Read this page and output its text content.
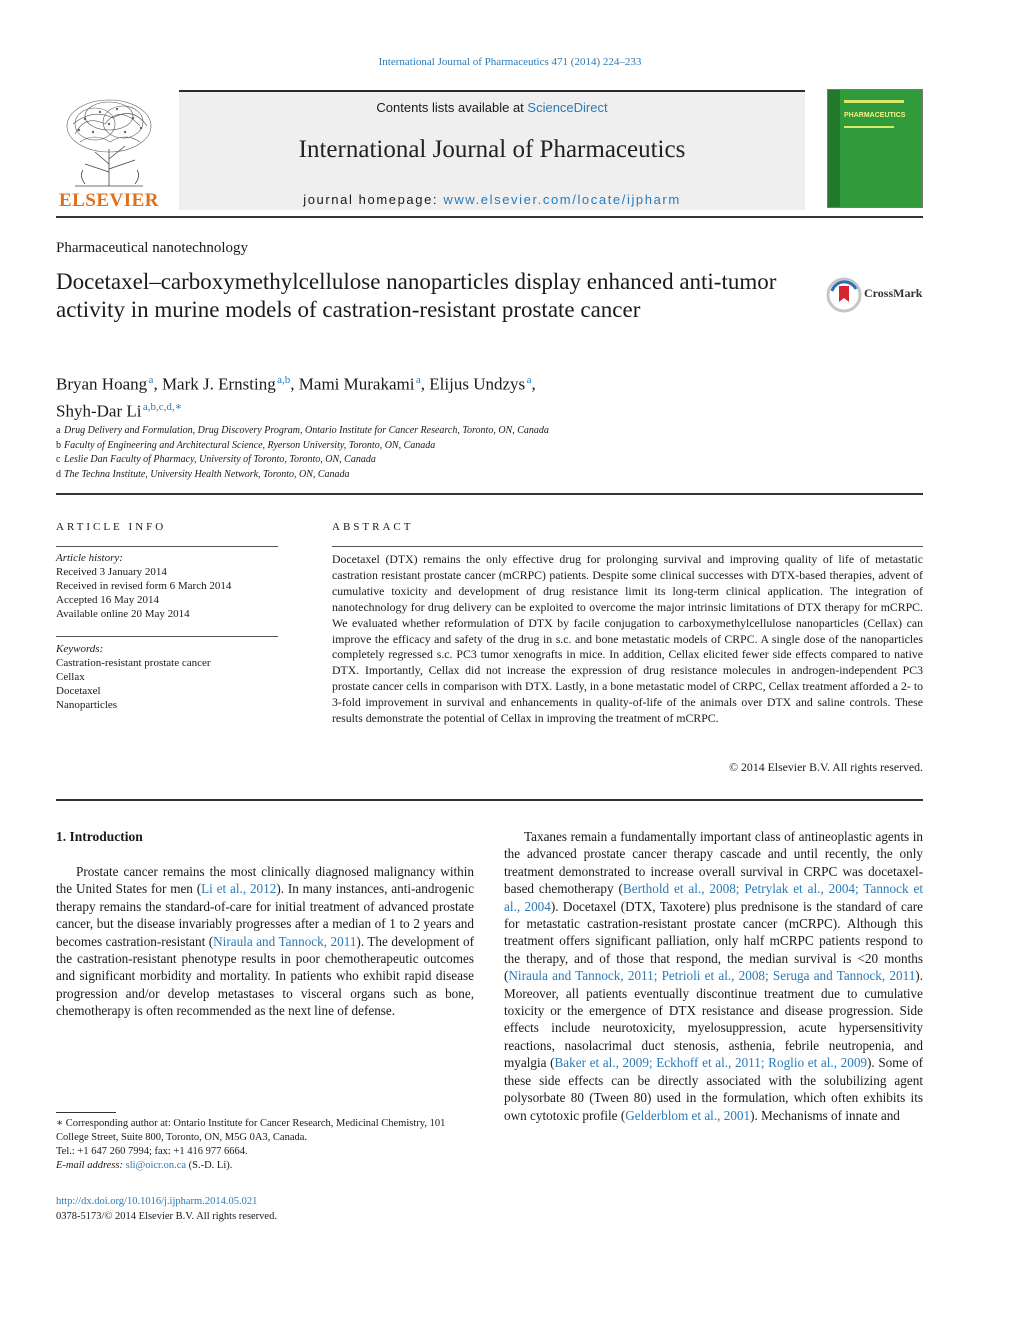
International Journal of Pharmaceutics 471 (2014) 224–233
ELSEVIER
Contents lists available at ScienceDirect
International Journal of Pharmaceutics
journal homepage: www.elsevier.com/locate/ijpharm
PHARMACEUTICS
Pharmaceutical nanotechnology
Docetaxel–carboxymethylcellulose nanoparticles display enhanced anti-tumor activity in murine models of castration-resistant prostate cancer
CrossMark
Bryan Hoang $^a$, Mark J. Ernsting $^{a,b}$, Mami Murakami $^a$, Elijus Undzys $^a$,
Shyh-Dar Li $^{a,b,c,d,∗}$
a Drug Delivery and Formulation, Drug Discovery Program, Ontario Institute for Cancer Research, Toronto, ON, Canada
b Faculty of Engineering and Architectural Science, Ryerson University, Toronto, ON, Canada
c Leslie Dan Faculty of Pharmacy, University of Toronto, Toronto, ON, Canada
d The Techna Institute, University Health Network, Toronto, ON, Canada
ARTICLE INFO
Article history:
Received 3 January 2014
Received in revised form 6 March 2014
Accepted 16 May 2014
Available online 20 May 2014
Keywords:
Castration-resistant prostate cancer
Cellax
Docetaxel
Nanoparticles
ABSTRACT
Docetaxel (DTX) remains the only effective drug for prolonging survival and improving quality of life of metastatic castration resistant prostate cancer (mCRPC) patients. Despite some clinical successes with DTX-based therapies, advent of cumulative toxicity and development of drug resistance limit its long-term clinical application. The integration of nanotechnology for drug delivery can be exploited to overcome the major intrinsic limitations of DTX therapy for mCRPC. We evaluated whether reformulation of DTX by facile conjugation to carboxymethylcellulose nanoparticles (Cellax) can improve the efficacy and safety of the drug in s.c. and bone metastatic models of CRPC. A single dose of the nanoparticles completely regressed s.c. PC3 tumor xenografts in mice. In addition, Cellax elicited fewer side effects compared to native DTX. Importantly, Cellax did not increase the expression of drug resistance molecules in androgen-independent PC3 prostate cancer cells in comparison with DTX. Lastly, in a bone metastatic model of CRPC, Cellax treatment afforded a 2- to 3-fold improvement in survival and enhancements in quality-of-life of the animals over DTX and saline controls. These results demonstrate the potential of Cellax in improving the treatment of mCRPC.
© 2014 Elsevier B.V. All rights reserved.
1. Introduction
Prostate cancer remains the most clinically diagnosed malignancy within the United States for men (Li et al., 2012). In many instances, anti-androgenic therapy remains the standard-of-care for initial treatment of advanced prostate cancer, but the disease invariably progresses after a median of 1 to 2 years and becomes castration-resistant (Niraula and Tannock, 2011). The development of the castration-resistant phenotype results in poor chemotherapeutic outcomes and significant morbidity and mortality. In patients who exhibit rapid disease progression and/or develop metastases to visceral organs such as bone, chemotherapy is often recommended as the next line of defense.
Taxanes remain a fundamentally important class of antineoplastic agents in the advanced prostate cancer therapy cascade and until recently, the only treatment demonstrated to increase overall survival in CRPC was docetaxel-based chemotherapy (Berthold et al., 2008; Petrylak et al., 2004; Tannock et al., 2004). Docetaxel (DTX, Taxotere) plus prednisone is the standard of care for metastatic castration-resistant prostate cancer (mCRPC). Although this treatment offers significant palliation, only half mCRPC patients respond to the therapy, and of those that respond, the median survival is <20 months (Niraula and Tannock, 2011; Petrioli et al., 2008; Seruga and Tannock, 2011). Moreover, all patients eventually discontinue treatment due to cumulative toxicity or the emergence of DTX resistance and disease progression. Side effects include neurotoxicity, myelosuppression, acute hypersensitivity reactions, nasolacrimal duct stenosis, asthenia, febrile neutropenia, and myalgia (Baker et al., 2009; Eckhoff et al., 2011; Roglio et al., 2009). Some of these side effects can be directly associated with the solubilizing agent polysorbate 80 (Tween 80) used in the formulation, which often exhibits its own cytotoxic profile (Gelderblom et al., 2001). Mechanisms of innate and
∗ Corresponding author at: Ontario Institute for Cancer Research, Medicinal Chemistry, 101 College Street, Suite 800, Toronto, ON, M5G 0A3, Canada.
Tel.: +1 647 260 7994; fax: +1 416 977 6664.
E-mail address: sli@oicr.on.ca (S.-D. Li).
http://dx.doi.org/10.1016/j.ijpharm.2014.05.021
0378-5173/© 2014 Elsevier B.V. All rights reserved.
